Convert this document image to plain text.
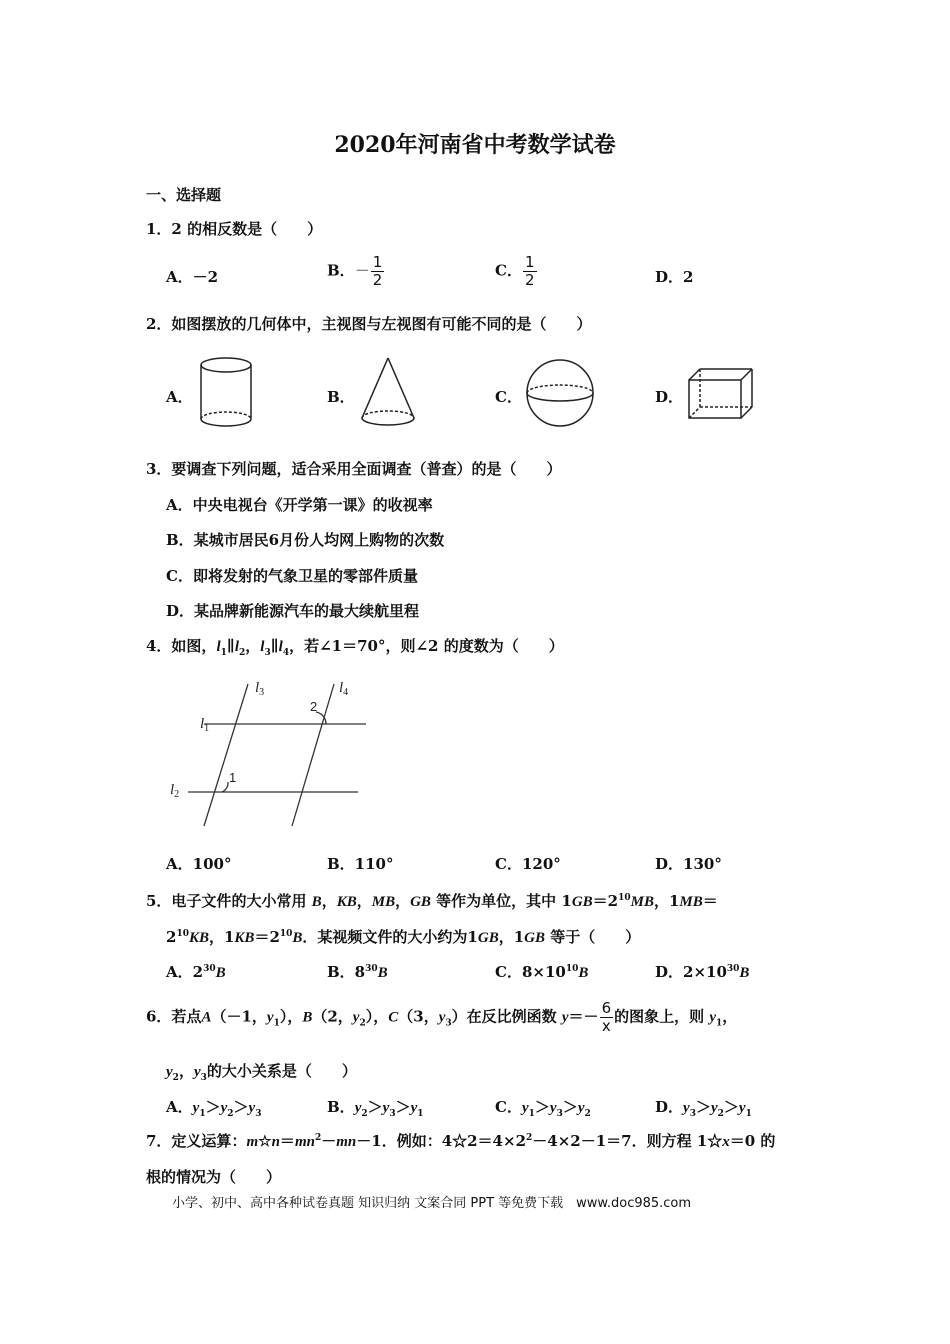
2020年河南省中考数学试卷
一、选择题
1．2 的相反数是（　　）
A．－2	B．－ $\frac{1}{2}$	C． $\frac{1}{2}$	D．2
2．如图摆放的几何体中，主视图与左视图有可能不同的是（　　）
A．	B．	C．	D．
3．要调查下列问题，适合采用全面调查（普查）的是（　　）
A．中央电视台《开学第一课》的收视率
B．某城市居民6月份人均网上购物的次数
C．即将发射的气象卫星的零部件质量
D．某品牌新能源汽车的最大续航里程
4．如图，$l_1\parallel l_2$，$l_3\parallel l_4$，若∠1＝70°，则∠2 的度数为（　　）
$l_3$	$l_4$
$l_1$
$l_2$
1
2
A．100°	B．110°	C．120°	D．130°
5．电子文件的大小常用 B，KB，MB，GB 等作为单位，其中 $1GB=2^{10}MB$，1MB＝
$2^{10}KB$，$1KB=2^{10}B$．某视频文件的大小约为1GB，1GB 等于（　　）
A．$2^{30}B$	B．$8^{30}B$	C．$8\times 10^{10}B$	D．$2\times 10^{30}B$
6．若点A（－1，$y_1$），B（2，$y_2$），C（3，$y_3$）在反比例函数 $y=- \frac{6}{x}$ 的图象上，则 $y_1$，
$y_2$，$y_3$的大小关系是（　　）
A．$y_1>y_2>y_3$	B．$y_2>y_3>y_1$	C．$y_1>y_3>y_2$	D．$y_3>y_2>y_1$
7．定义运算：$m☆n=mn^2-mn-1$．例如：$4☆2=4\times 2^2-4\times 2-1=7$．则方程 1☆x＝0 的
根的情况为（　　）
小学、初中、高中各种试卷真题 知识归纳 文案合同 PPT 等免费下载　www.doc985.com
